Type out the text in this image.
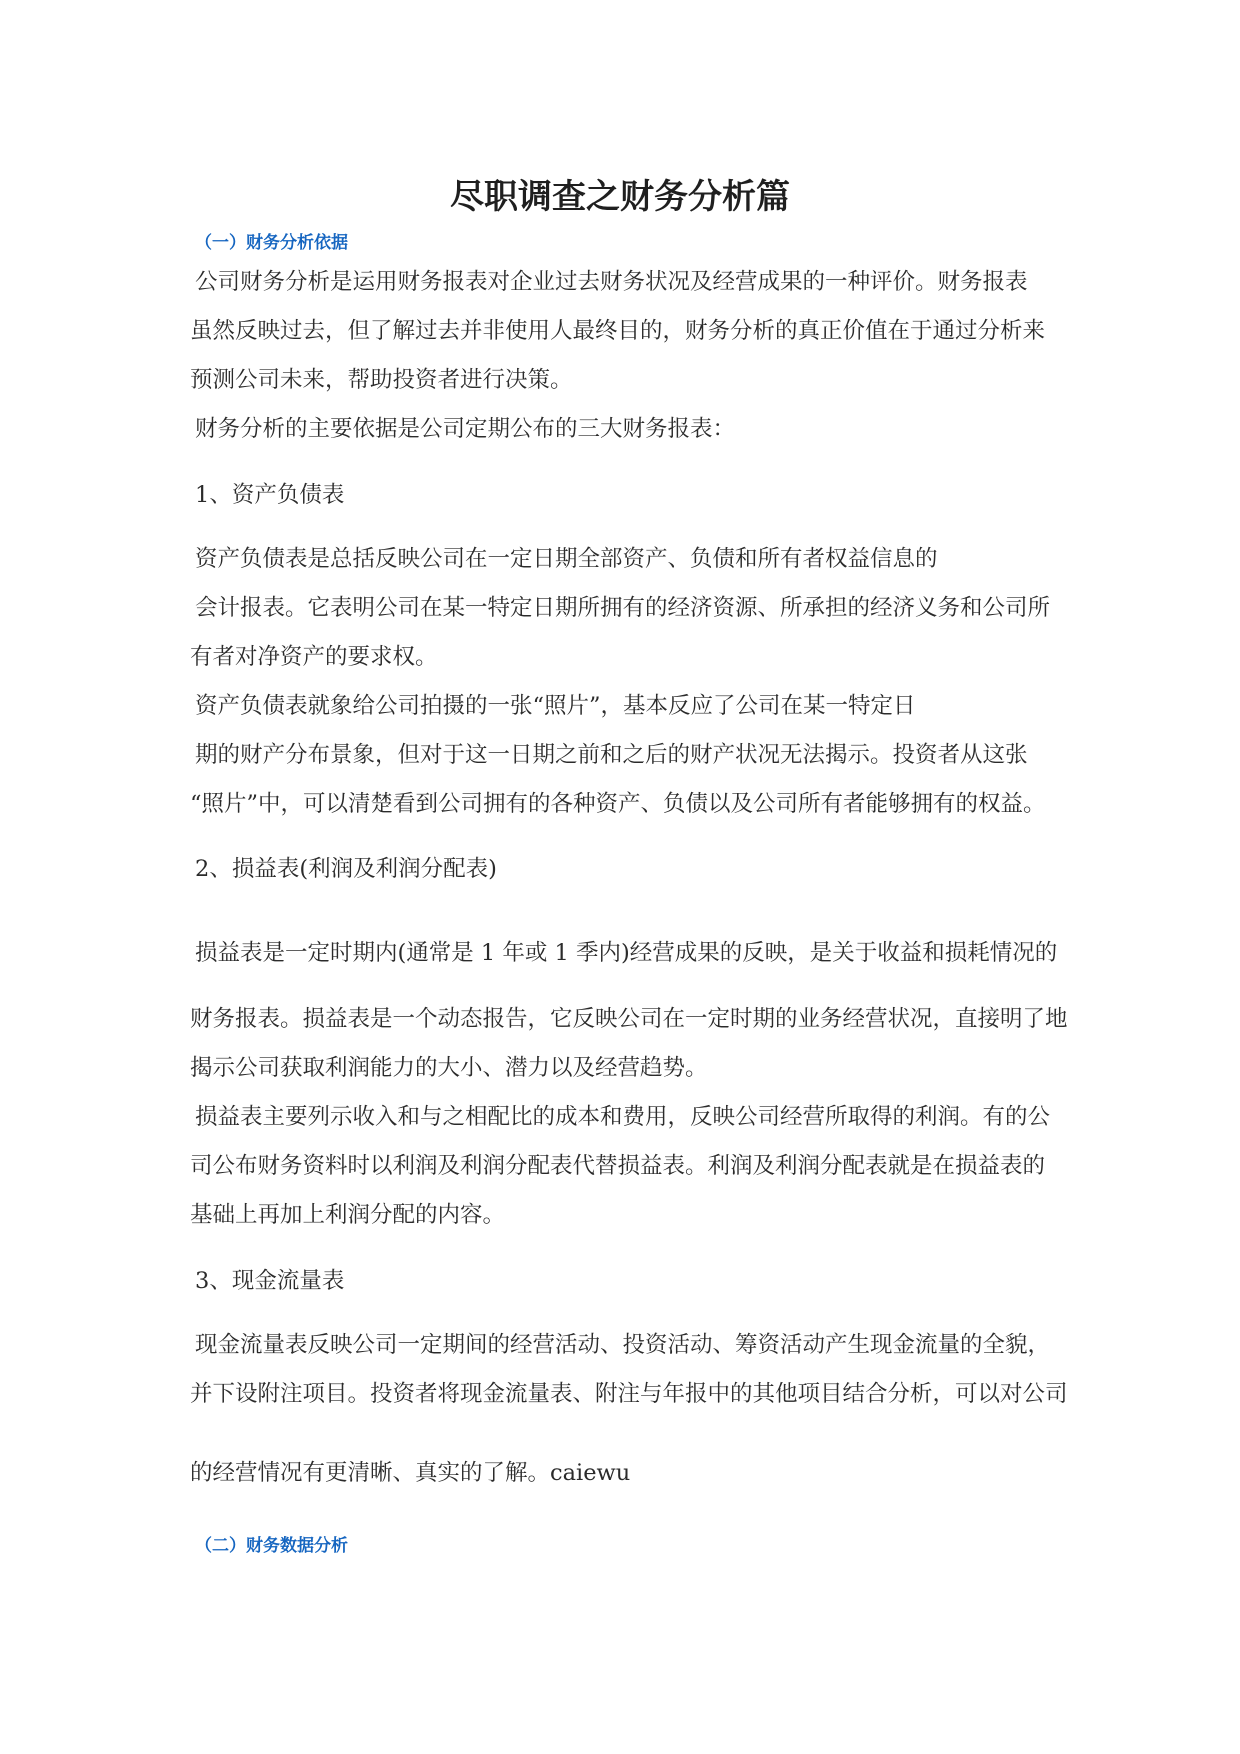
尽职调查之财务分析篇
（一）财务分析依据
公司财务分析是运用财务报表对企业过去财务状况及经营成果的一种评价。财务报表
虽然反映过去，但了解过去并非使用人最终目的，财务分析的真正价值在于通过分析来
预测公司未来，帮助投资者进行决策。
财务分析的主要依据是公司定期公布的三大财务报表：
1、资产负债表
资产负债表是总括反映公司在一定日期全部资产、负债和所有者权益信息的
会计报表。它表明公司在某一特定日期所拥有的经济资源、所承担的经济义务和公司所
有者对净资产的要求权。
资产负债表就象给公司拍摄的一张“照片”，基本反应了公司在某一特定日
期的财产分布景象，但对于这一日期之前和之后的财产状况无法揭示。投资者从这张
“照片”中，可以清楚看到公司拥有的各种资产、负债以及公司所有者能够拥有的权益。
2、损益表(利润及利润分配表)
损益表是一定时期内(通常是 1 年或 1 季内)经营成果的反映，是关于收益和损耗情况的
财务报表。损益表是一个动态报告，它反映公司在一定时期的业务经营状况，直接明了地
揭示公司获取利润能力的大小、潜力以及经营趋势。
损益表主要列示收入和与之相配比的成本和费用，反映公司经营所取得的利润。有的公
司公布财务资料时以利润及利润分配表代替损益表。利润及利润分配表就是在损益表的
基础上再加上利润分配的内容。
3、现金流量表
现金流量表反映公司一定期间的经营活动、投资活动、筹资活动产生现金流量的全貌，
并下设附注项目。投资者将现金流量表、附注与年报中的其他项目结合分析，可以对公司
的经营情况有更清晰、真实的了解。caiewu
（二）财务数据分析
